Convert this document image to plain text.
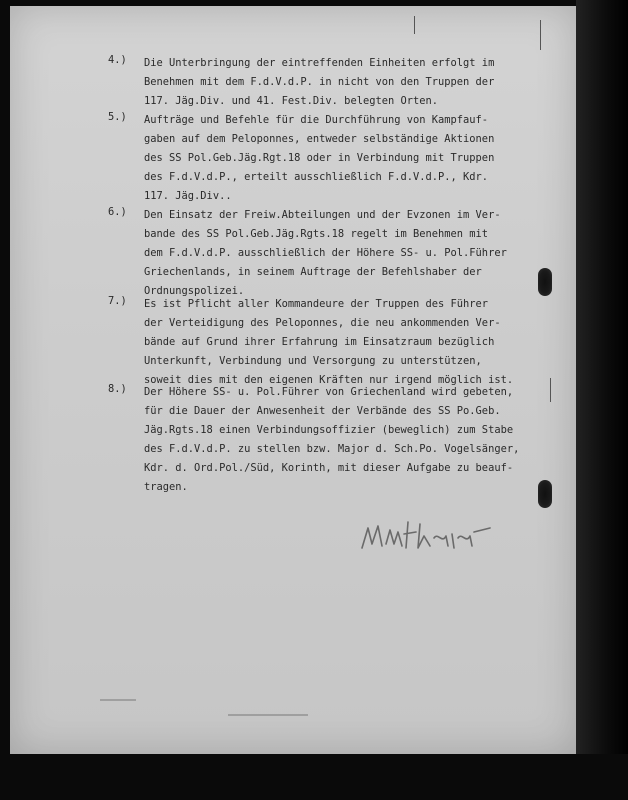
4.)	Die Unterbringung der eintreffenden Einheiten erfolgt im
Benehmen mit dem F.d.V.d.P. in nicht von den Truppen der
117. Jäg.Div. und 41. Fest.Div. belegten Orten.
5.)	Aufträge und Befehle für die Durchführung von Kampfauf-
gaben auf dem Peloponnes, entweder selbständige Aktionen
des SS Pol.Geb.Jäg.Rgt.18 oder in Verbindung mit Truppen
des F.d.V.d.P., erteilt ausschließlich F.d.V.d.P., Kdr.
117. Jäg.Div..
6.)	Den Einsatz der Freiw.Abteilungen und der Evzonen im Ver-
bande des SS Pol.Geb.Jäg.Rgts.18 regelt im Benehmen mit
dem F.d.V.d.P. ausschließlich der Höhere SS- u. Pol.Führer
Griechenlands, in seinem Auftrage der Befehlshaber der
Ordnungspolizei.
7.)	Es ist Pflicht aller Kommandeure der Truppen des Führer
der Verteidigung des Peloponnes, die neu ankommenden Ver-
bände auf Grund ihrer Erfahrung im Einsatzraum bezüglich
Unterkunft, Verbindung und Versorgung zu unterstützen,
soweit dies mit den eigenen Kräften nur irgend möglich ist.
8.)	Der Höhere SS- u. Pol.Führer von Griechenland wird gebeten,
für die Dauer der Anwesenheit der Verbände des SS Po.Geb.
Jäg.Rgts.18 einen Verbindungsoffizier (beweglich) zum Stabe
des F.d.V.d.P. zu stellen bzw. Major d. Sch.Po. Vogelsänger,
Kdr. d. Ord.Pol./Süd, Korinth, mit dieser Aufgabe zu beauf-
tragen.
